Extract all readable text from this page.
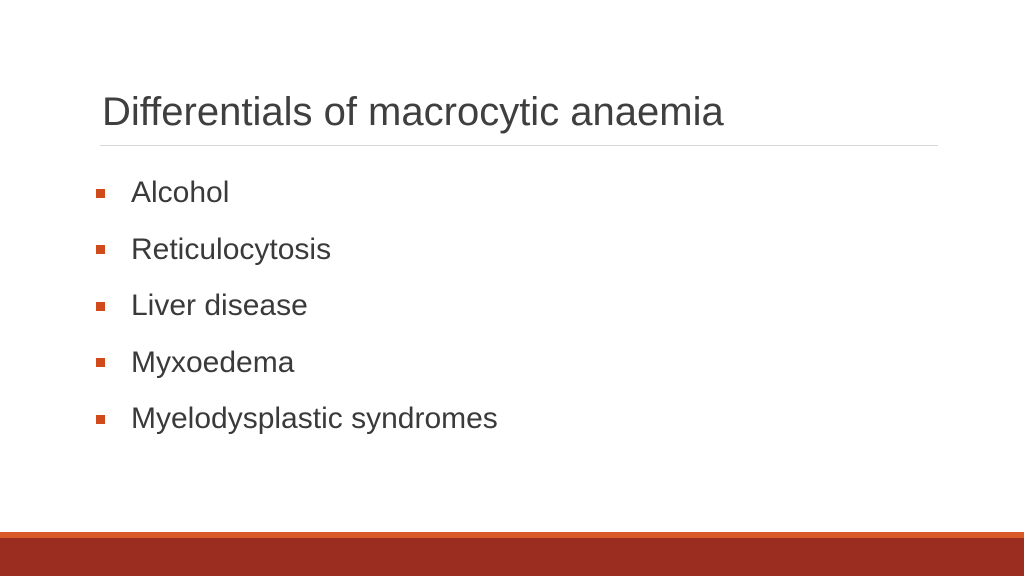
Differentials of macrocytic anaemia
Alcohol
Reticulocytosis
Liver disease
Myxoedema
Myelodysplastic syndromes
